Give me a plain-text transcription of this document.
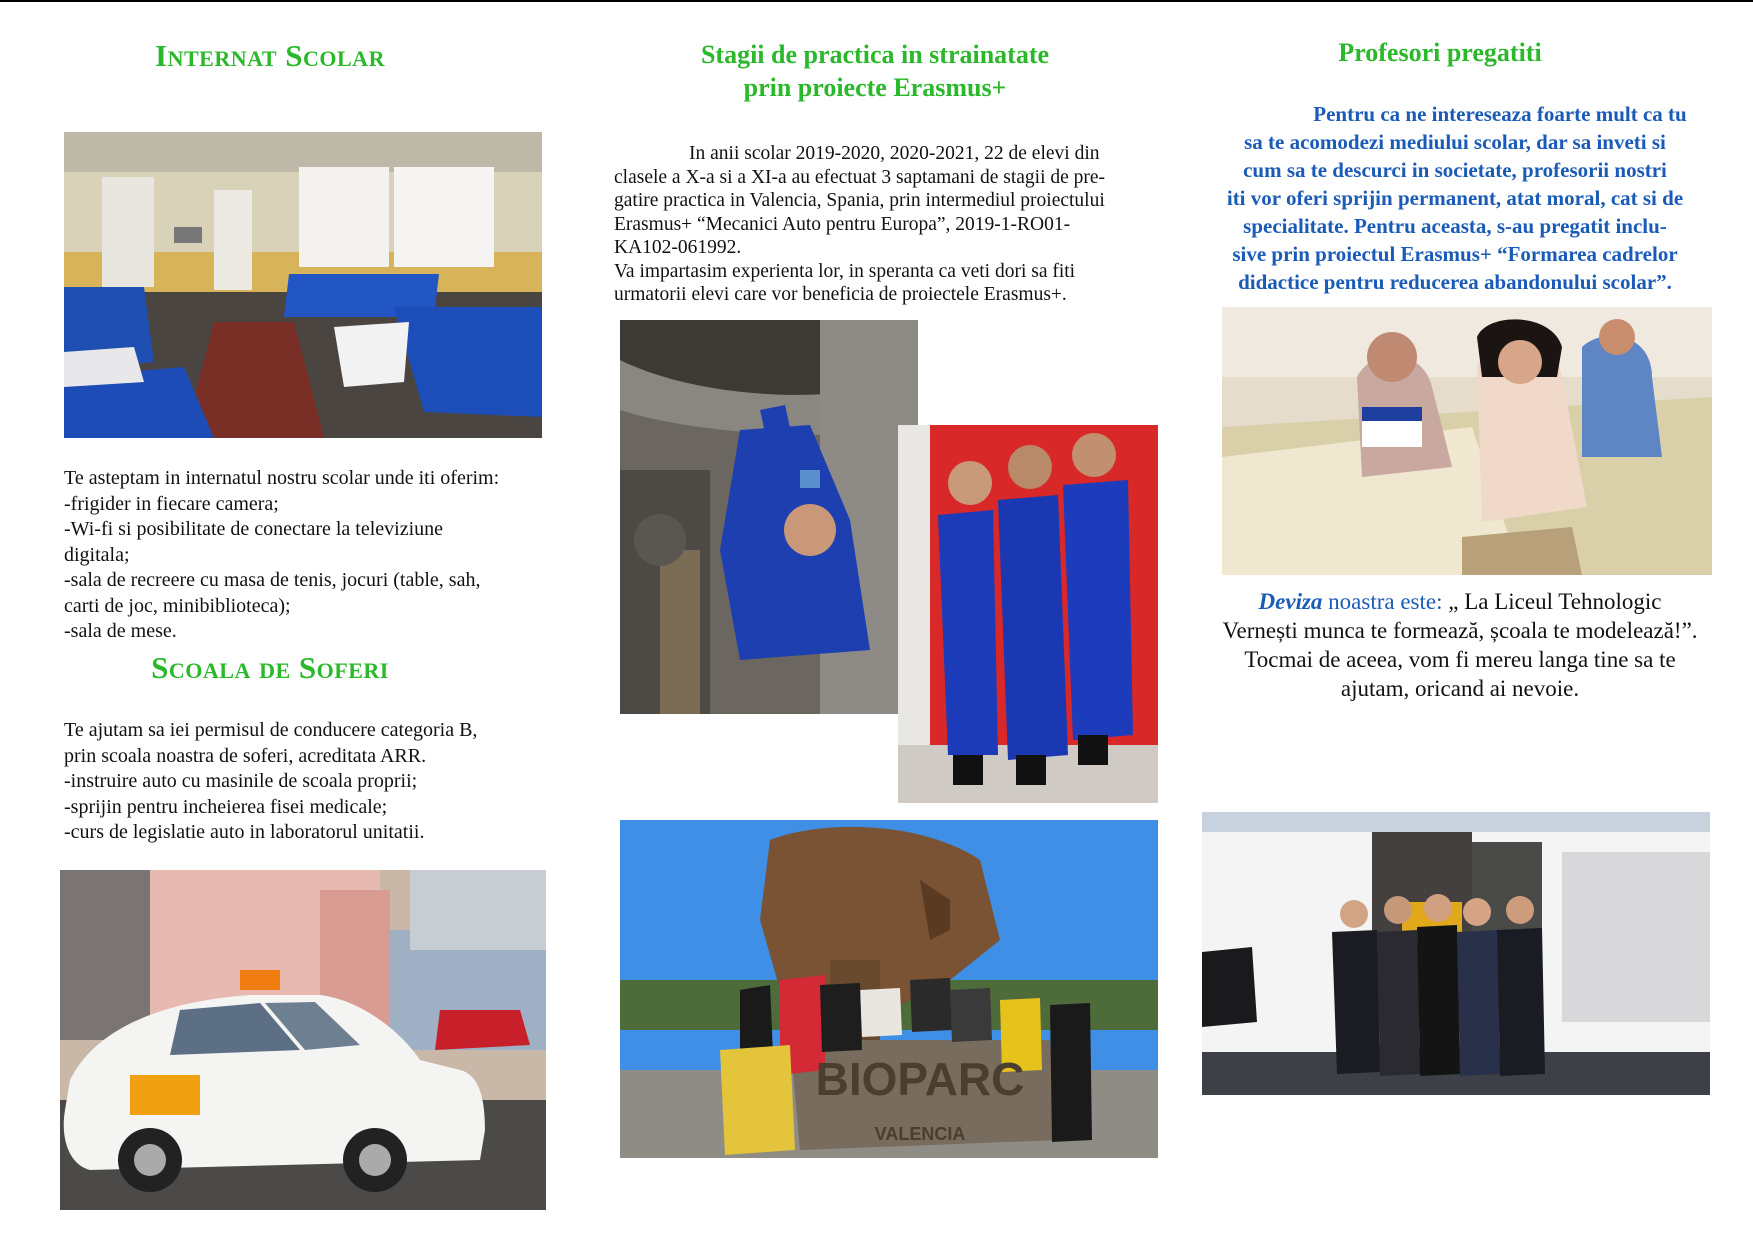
Internat Scolar
Te asteptam in internatul nostru scolar unde iti oferim:
-frigider in fiecare camera;
-Wi-fi si posibilitate de conectare la televiziune
digitala;
-sala de recreere cu masa de tenis, jocuri (table, sah,
carti de joc, minibiblioteca);
-sala de mese.
Scoala de Soferi
Te ajutam sa iei permisul de conducere categoria B,
prin scoala noastra de soferi, acreditata ARR.
-instruire auto cu masinile de scoala proprii;
-sprijin pentru incheierea fisei medicale;
-curs de legislatie auto in laboratorul unitatii.
Stagii de practica in strainatate
prin proiecte Erasmus+
In anii scolar 2019-2020, 2020-2021, 22 de elevi din
clasele a X-a si a XI-a au efectuat 3 saptamani de stagii de pre-
gatire practica in Valencia, Spania, prin intermediul proiectului
Erasmus+ “Mecanici Auto pentru Europa”, 2019-1-RO01-
KA102-061992.
Va impartasim experienta lor, in speranta ca veti dori sa fiti
urmatorii elevi care vor beneficia de proiectele Erasmus+.
BIOPARC
VALENCIA
Profesori pregatiti
Pentru ca ne intereseaza foarte mult ca tu
sa te acomodezi mediului scolar, dar sa inveti si
cum sa te descurci in societate, profesorii nostri
iti vor oferi sprijin permanent, atat moral, cat si de
specialitate. Pentru aceasta, s-au pregatit inclu-
sive prin proiectul Erasmus+ “Formarea cadrelor
didactice pentru reducerea abandonului scolar”.
Deviza noastra este: „ La Liceul Tehnologic
Vernești munca te formează, școala te modelează!”.
Tocmai de aceea, vom fi mereu langa tine sa te
ajutam, oricand ai nevoie.
